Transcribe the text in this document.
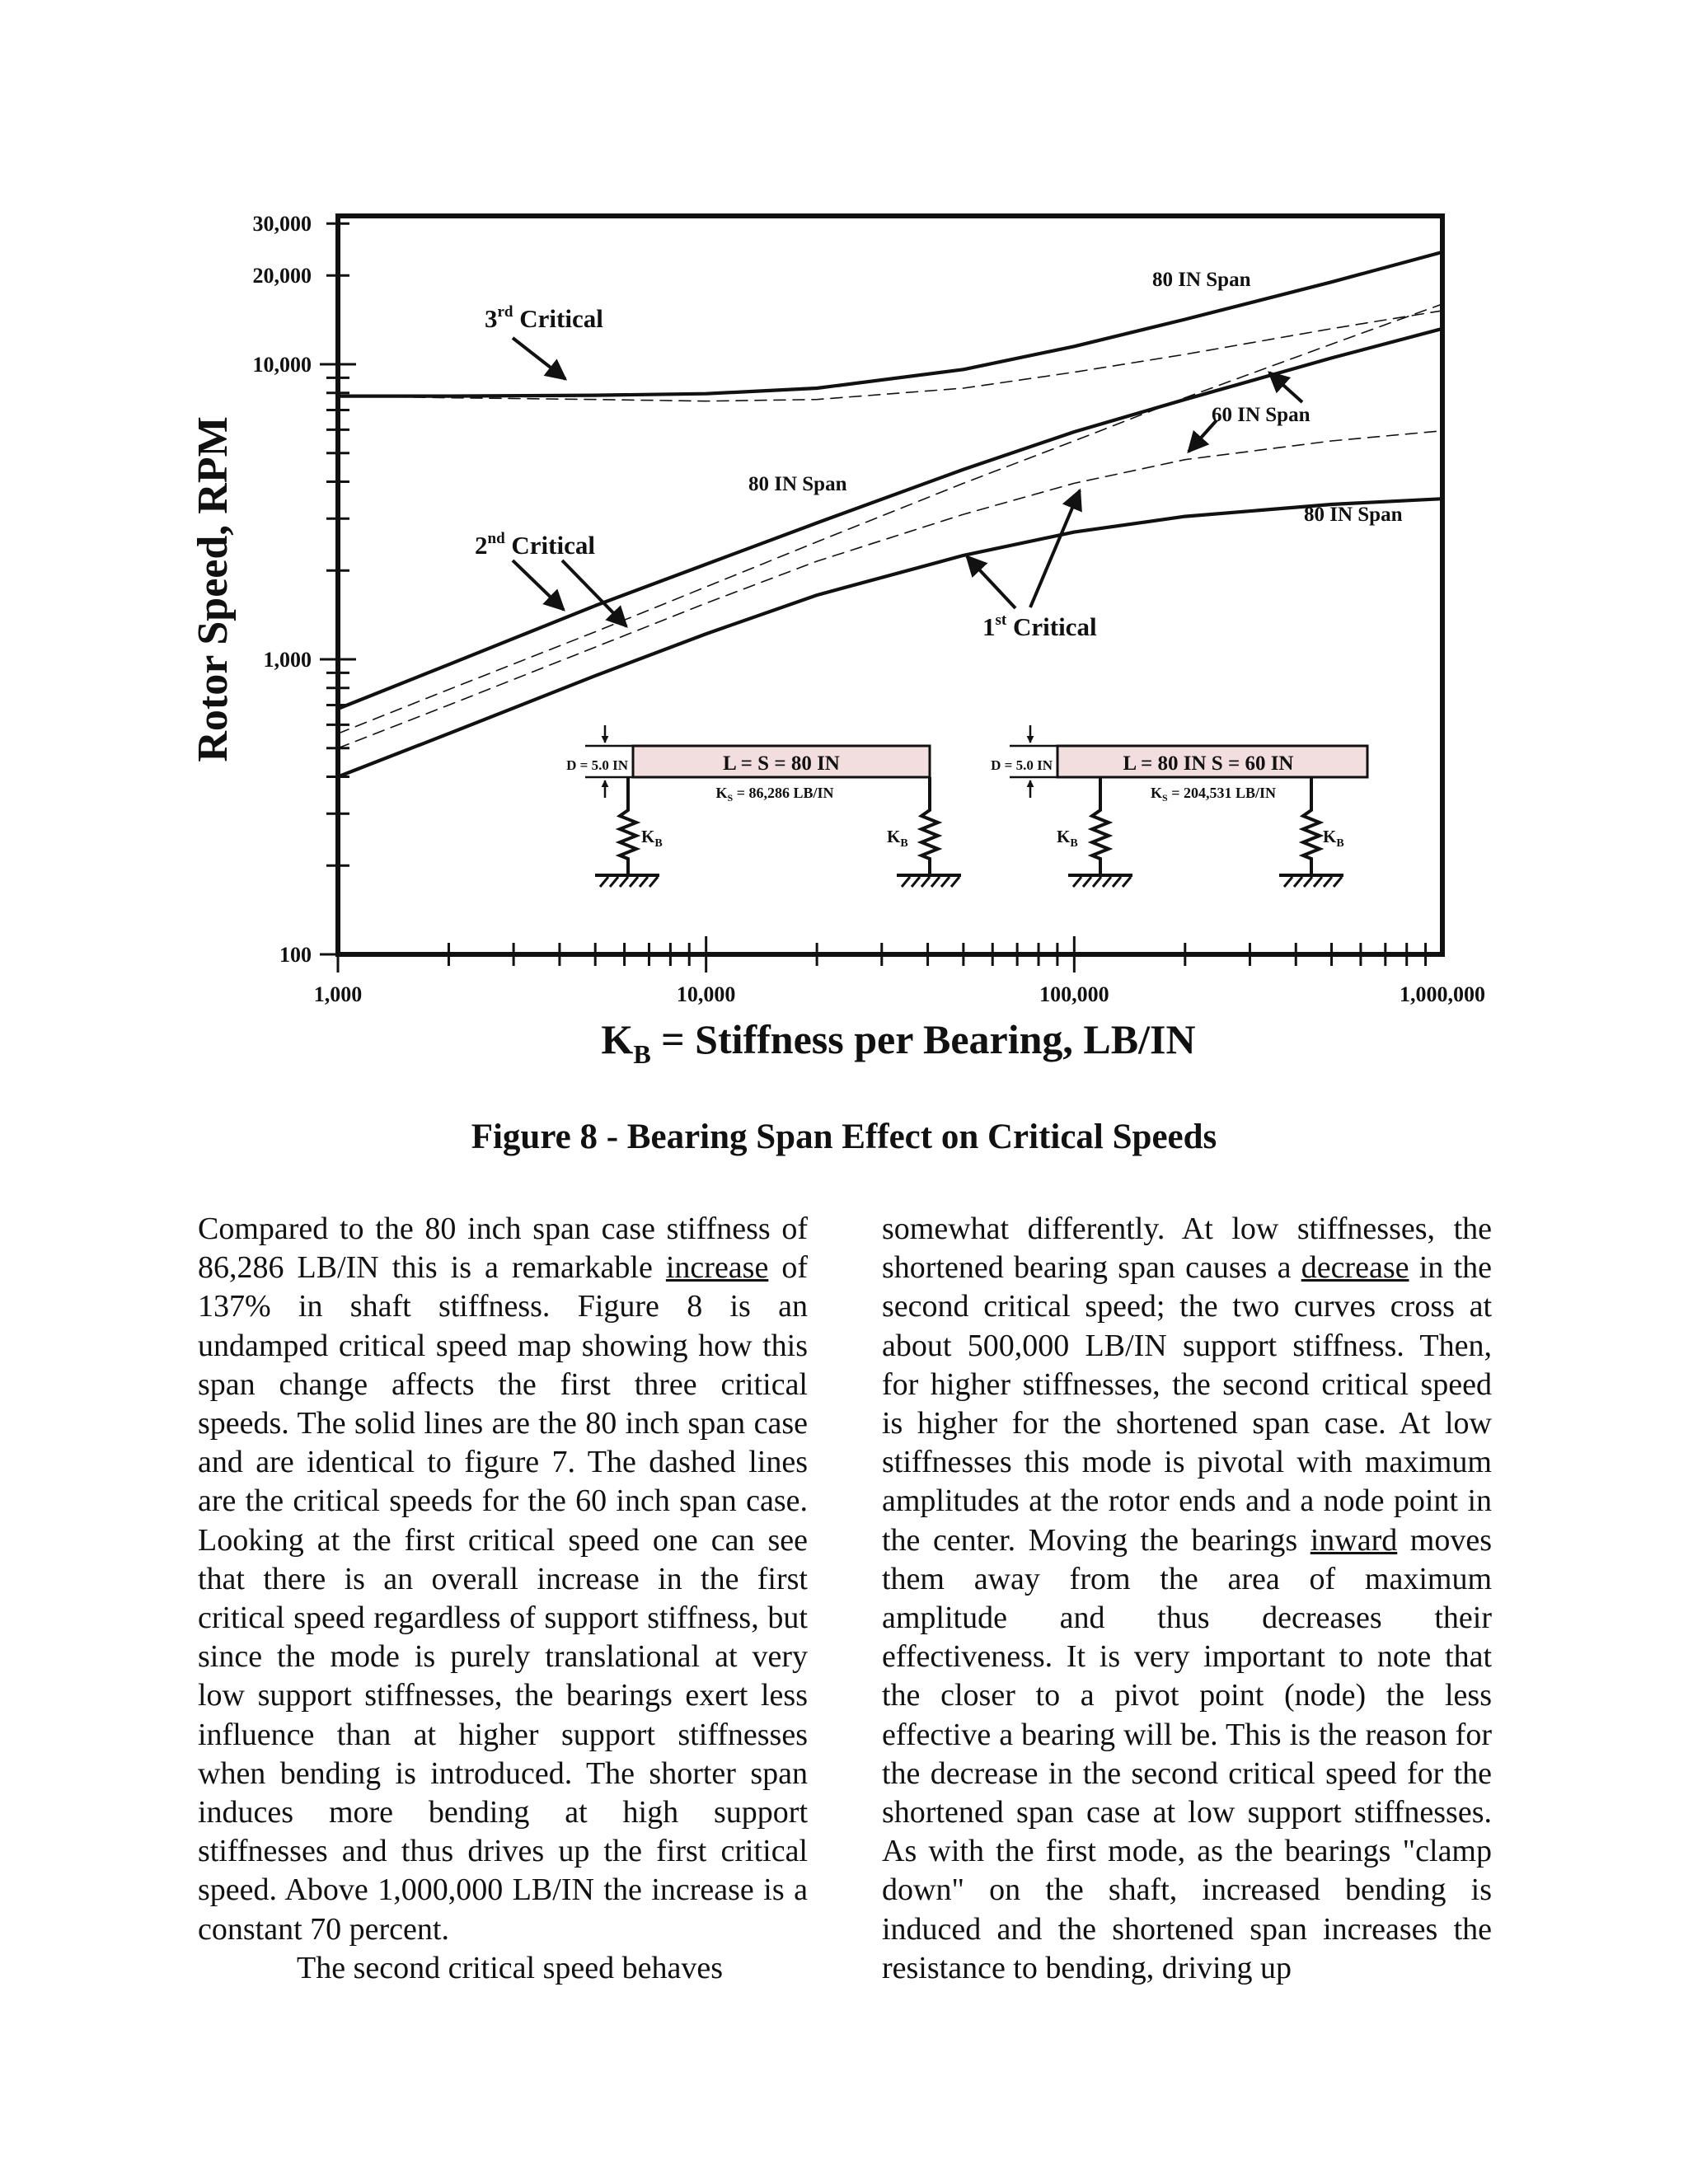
1,000	10,000	100,000	1,000,000
100
1,000
10,000
20,000
30,000
Rotor Speed, RPM
$K_B$ = Stiffness per Bearing, LB/IN
3rd Critical
2nd Critical
1st Critical
80 IN Span
80 IN Span
80 IN Span
60 IN Span
L = S = 80 IN
$K_S = 86,286$ LB/IN
D = 5.0 IN
$K_B$	$K_B$
L = 80 IN S = 60 IN
$K_S = 204,531$ LB/IN
D = 5.0 IN
$K_B$	$K_B$
Figure 8 - Bearing Span Effect on Critical Speeds

Compared to the 80 inch span case stiffness of 86,286 LB/IN this is a remarkable increase of 137% in shaft stiffness. Figure 8 is an undamped critical speed map showing how this span change affects the first three critical speeds. The solid lines are the 80 inch span case and are identical to figure 7. The dashed lines are the critical speeds for the 60 inch span case. Looking at the first critical speed one can see that there is an overall increase in the first critical speed regardless of support stiffness, but since the mode is purely translational at very low support stiffnesses, the bearings exert less influence than at higher support stiffnesses when bending is introduced. The shorter span induces more bending at high support stiffnesses and thus drives up the first critical speed. Above 1,000,000 LB/IN the increase is a constant 70 percent.

The second critical speed behaves

somewhat differently. At low stiffnesses, the shortened bearing span causes a decrease in the second critical speed; the two curves cross at about 500,000 LB/IN support stiffness. Then, for higher stiffnesses, the second critical speed is higher for the shortened span case. At low stiffnesses this mode is pivotal with maximum amplitudes at the rotor ends and a node point in the center. Moving the bearings inward moves them away from the area of maximum amplitude and thus decreases their effectiveness. It is very important to note that the closer to a pivot point (node) the less effective a bearing will be. This is the reason for the decrease in the second critical speed for the shortened span case at low support stiffnesses. As with the first mode, as the bearings "clamp down" on the shaft, increased bending is induced and the shortened span increases the resistance to bending, driving up
